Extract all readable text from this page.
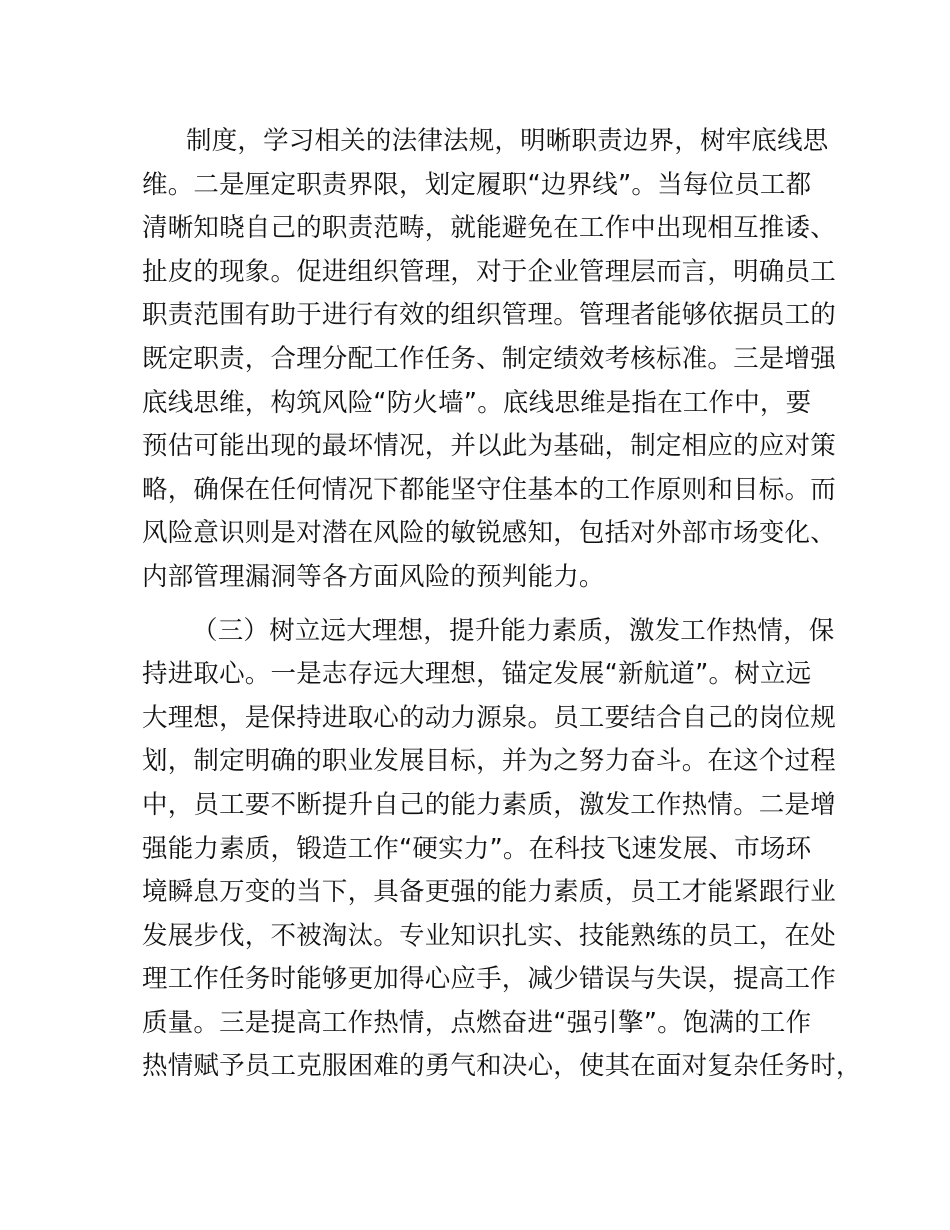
制度，学习相关的法律法规，明晰职责边界，树牢底线思
维。二是厘定职责界限，划定履职“边界线”。当每位员工都
清晰知晓自己的职责范畴，就能避免在工作中出现相互推诿、
扯皮的现象。促进组织管理，对于企业管理层而言，明确员工
职责范围有助于进行有效的组织管理。管理者能够依据员工的
既定职责，合理分配工作任务、制定绩效考核标准。三是增强
底线思维，构筑风险“防火墙”。底线思维是指在工作中，要
预估可能出现的最坏情况，并以此为基础，制定相应的应对策
略，确保在任何情况下都能坚守住基本的工作原则和目标。而
风险意识则是对潜在风险的敏锐感知，包括对外部市场变化、
内部管理漏洞等各方面风险的预判能力。
（三）树立远大理想，提升能力素质，激发工作热情，保
持进取心。一是志存远大理想，锚定发展“新航道”。树立远
大理想，是保持进取心的动力源泉。员工要结合自己的岗位规
划，制定明确的职业发展目标，并为之努力奋斗。在这个过程
中，员工要不断提升自己的能力素质，激发工作热情。二是增
强能力素质，锻造工作“硬实力”。在科技飞速发展、市场环
境瞬息万变的当下，具备更强的能力素质，员工才能紧跟行业
发展步伐，不被淘汰。专业知识扎实、技能熟练的员工，在处
理工作任务时能够更加得心应手，减少错误与失误，提高工作
质量。三是提高工作热情，点燃奋进“强引擎”。饱满的工作
热情赋予员工克服困难的勇气和决心，使其在面对复杂任务时，
